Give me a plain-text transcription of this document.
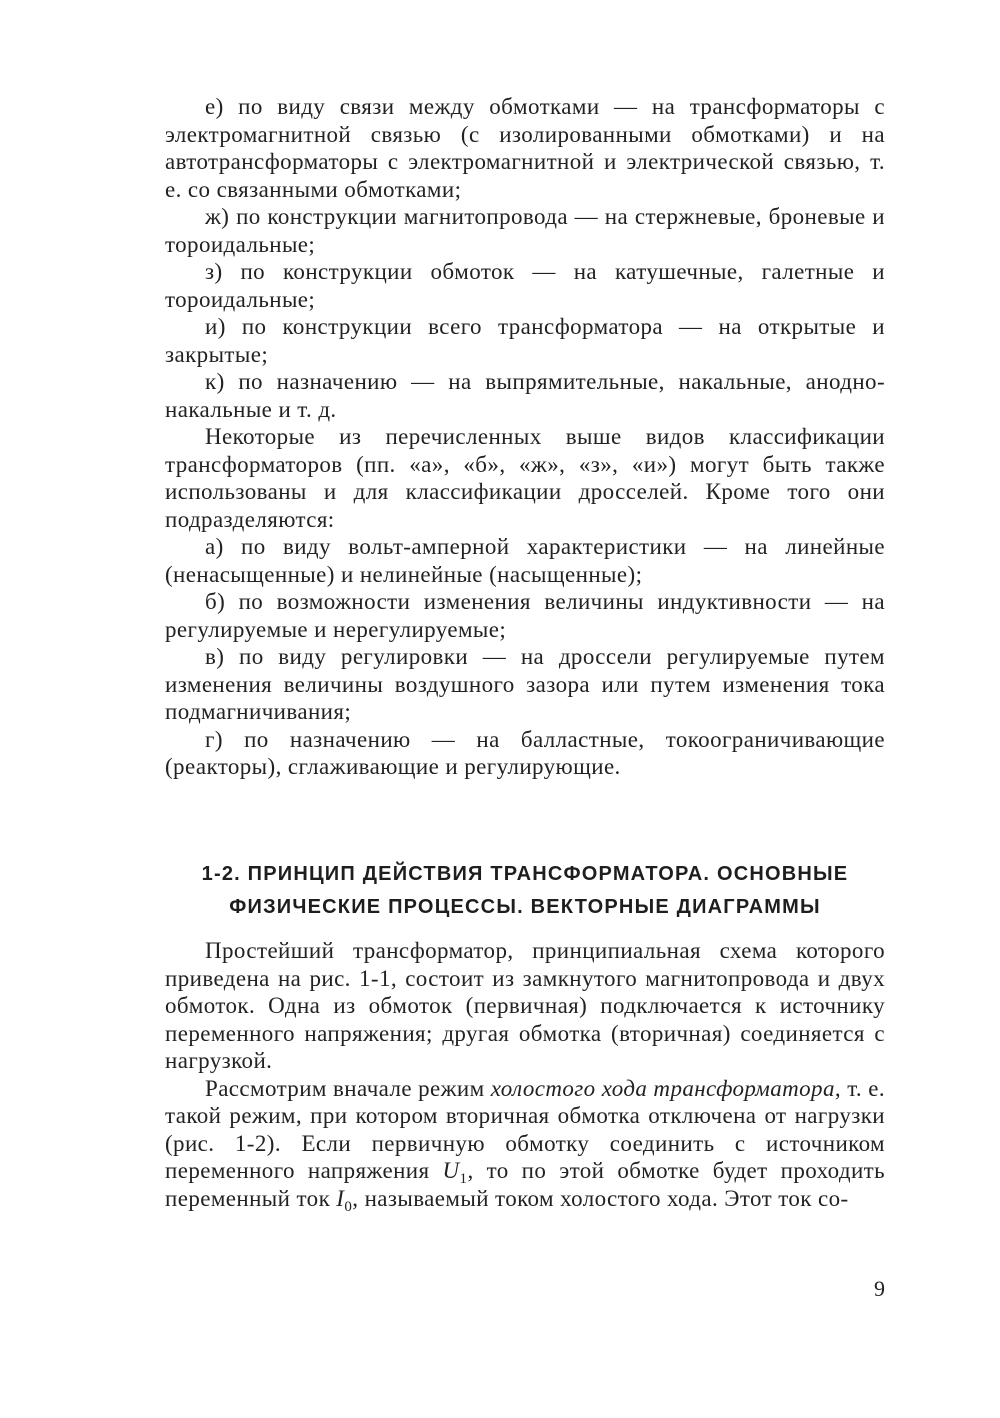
е) по виду связи между обмотками — на трансформаторы с электромагнитной связью (с изолированными обмотками) и на автотрансформаторы с электромагнитной и электрической связью, т. е. со связанными обмотками;

ж) по конструкции магнитопровода — на стержневые, броневые и тороидальные;

з) по конструкции обмоток — на катушечные, галетные и тороидальные;

и) по конструкции всего трансформатора — на открытые и закрытые;

к) по назначению — на выпрямительные, накальные, анодно-накальные и т. д.

Некоторые из перечисленных выше видов классификации трансформаторов (пп. «а», «б», «ж», «з», «и») могут быть также использованы и для классификации дросселей. Кроме того они подразделяются:

а) по виду вольт-амперной характеристики — на линейные (ненасыщенные) и нелинейные (насыщенные);

б) по возможности изменения величины индуктивности — на регулируемые и нерегулируемые;

в) по виду регулировки — на дроссели регулируемые путем изменения величины воздушного зазора или путем изменения тока подмагничивания;

г) по назначению — на балластные, токоограничивающие (реакторы), сглаживающие и регулирующие.

1-2. ПРИНЦИП ДЕЙСТВИЯ ТРАНСФОРМАТОРА. ОСНОВНЫЕ
ФИЗИЧЕСКИЕ ПРОЦЕССЫ. ВЕКТОРНЫЕ ДИАГРАММЫ

Простейший трансформатор, принципиальная схема которого приведена на рис. 1-1, состоит из замкнутого магнитопровода и двух обмоток. Одна из обмоток (первичная) подключается к источнику переменного напряжения; другая обмотка (вторичная) соединяется с нагрузкой.

Рассмотрим вначале режим холостого хода трансформатора, т. е. такой режим, при котором вторичная обмотка отключена от нагрузки (рис. 1-2). Если первичную обмотку соединить с источником переменного напряжения $U_1$, то по этой обмотке будет проходить переменный ток $I_0$, называемый током холостого хода. Этот ток со-

9
